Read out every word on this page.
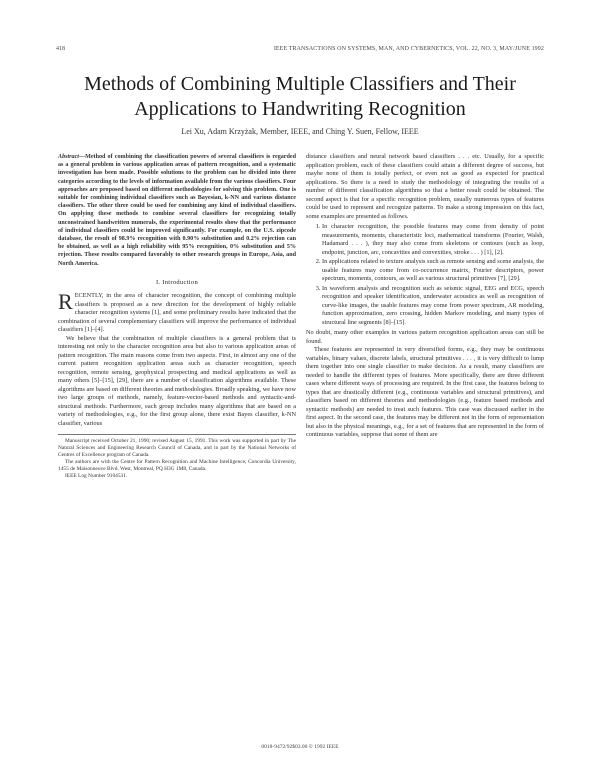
418	IEEE TRANSACTIONS ON SYSTEMS, MAN, AND CYBERNETICS, VOL. 22, NO. 3, MAY/JUNE 1992
Methods of Combining Multiple Classifiers and Their Applications to Handwriting Recognition
Lei Xu, Adam Krzyżak, Member, IEEE, and Ching Y. Suen, Fellow, IEEE
Abstract—Method of combining the classification powers of several classifiers is regarded as a general problem in various application areas of pattern recognition, and a systematic investigation has been made. Possible solutions to the problem can be divided into three categories according to the levels of information available from the various classifiers. Four approaches are proposed based on different methodologies for solving this problem. One is suitable for combining individual classifiers such as Bayesian, k-NN and various distance classifiers. The other three could be used for combining any kind of individual classifiers. On applying these methods to combine several classifiers for recognizing totally unconstrained handwritten numerals, the experimental results show that the performance of individual classifiers could be improved significantly. For example, on the U.S. zipcode database, the result of 98.9% recognition with 0.90% substitution and 0.2% rejection can be obtained, as well as a high reliability with 95% recognition, 0% substitution and 5% rejection. These results compared favorably to other research groups in Europe, Asia, and North America.
I. Introduction

RECENTLY, in the area of character recognition, the concept of combining multiple classifiers is proposed as a new direction for the development of highly reliable character recognition systems [1], and some preliminary results have indicated that the combination of several complementary classifiers will improve the performance of individual classifiers [1]–[4].

We believe that the combination of multiple classifiers is a general problem that is interesting not only to the character recognition area but also to various application areas of pattern recognition. The main reasons come from two aspects. First, in almost any one of the current pattern recognition application areas such as character recognition, speech recognition, remote sensing, geophysical prospecting and medical applications as well as many others [5]–[15], [29], there are a number of classification algorithms available. These algorithms are based on different theories and methodologies. Broadly speaking, we have now two large groups of methods, namely, feature-vector-based methods and syntactic-and-structural methods. Furthermore, each group includes many algorithms that are based on a variety of methodologies, e.g., for the first group alone, there exist Bayes classifier, k-NN classifier, various

Manuscript received October 21, 1990; revised August 15, 1991. This work was supported in part by The Natural Sciences and Engineering Research Council of Canada, and in part by the National Networks of Centres of Excellence program of Canada.

The authors are with the Centre for Pattern Recognition and Machine Intelligence, Concordia University, 1455 de Maisonneuve Blvd. West, Montreal, PQ H3G 1M8, Canada.

IEEE Log Number 9104531.

distance classifiers and neural network based classifiers . . . etc. Usually, for a specific application problem, each of these classifiers could attain a different degree of success, but maybe none of them is totally perfect, or even not as good as expected for practical applications. So there is a need to study the methodology of integrating the results of a number of different classification algorithms so that a better result could be obtained. The second aspect is that for a specific recognition problem, usually numerous types of features could be used to represent and recognize patterns. To make a strong impression on this fact, some examples are presented as follows.

1. In character recognition, the possible features may come from density of point measurements, moments, characteristic loci, mathematical transforms (Fourier, Walsh, Hadamard . . . ), they may also come from skeletons or contours (such as loop, endpoint, junction, arc, concavities and convexities, stroke . . . ) [1], [2].
2. In applications related to texture analysis such as remote sensing and scene analysis, the usable features may come from co-occurrence matrix, Fourier descriptors, power spectrum, moments, contours, as well as various structural primitives [7], [29].
3. In waveform analysis and recognition such as seismic signal, EEG and ECG, speech recognition and speaker identification, underwater acoustics as well as recognition of curve-like images, the usable features may come from power spectrum, AR modeling, function approximation, zero crossing, hidden Markov modeling, and many types of structural line segments [8]–[15].

No doubt, many other examples in various pattern recognition application areas can still be found.

These features are represented in very diversified forms, e.g., they may be continuous variables, binary values, discrete labels, structural primitives . . . , it is very difficult to lump them together into one single classifier to make decision. As a result, many classifiers are needed to handle the different types of features. More specifically, there are three different cases where different ways of processing are required. In the first case, the features belong to types that are drastically different (e.g., continuous variables and structural primitives), and classifiers based on different theories and methodologies (e.g., feature based methods and syntactic methods) are needed to treat such features. This case was discussed earlier in the first aspect. In the second case, the features may be different not in the form of representation but also in the physical meanings, e.g., for a set of features that are represented in the form of continuous variables, suppose that some of them are

0018-9472/92$03.00 © 1992 IEEE
